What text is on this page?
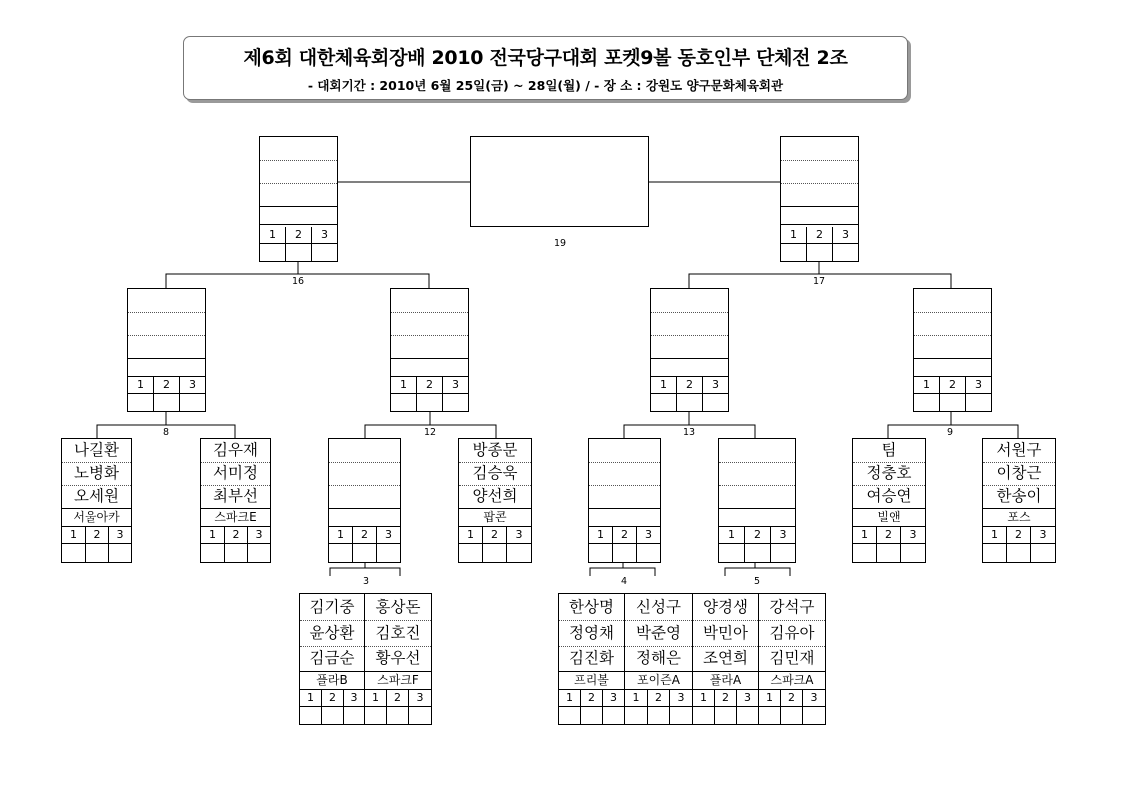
제6회 대한체육회장배 2010 전국당구대회 포켓9볼 동호인부 단체전 2조
- 대회기간 : 2010년 6월 25일(금) ~ 28일(월) / - 장 소 : 강원도 양구문화체육회관
19
1	2	3	1	2	3
16	17
1	2	3	1	2	3	1	2	3	1	2	3
8	12	13	9
나길환
노병화
오세원
서울아카
1	2	3
김우재
서미정
최부선
스파크E
1	2	3	1	2	3
방종문
김승욱
양선희
팝콘
1	2	3	1	2	3	1	2	3
팀
정충호
여승연
빌앤
1	2	3
서원구
이창근
한송이
포스
1	2	3
3	4	5
김기중
윤상환
김금순
플라B
1	2	3
홍상돈
김호진
황우선
스파크F
1	2	3
한상명
정영채
김진화
프리볼
1	2	3
신성구
박준영
정해은
포이즌A
1	2	3
양경생
박민아
조연희
플라A
1	2	3
강석구
김유아
김민재
스파크A
1	2	3
